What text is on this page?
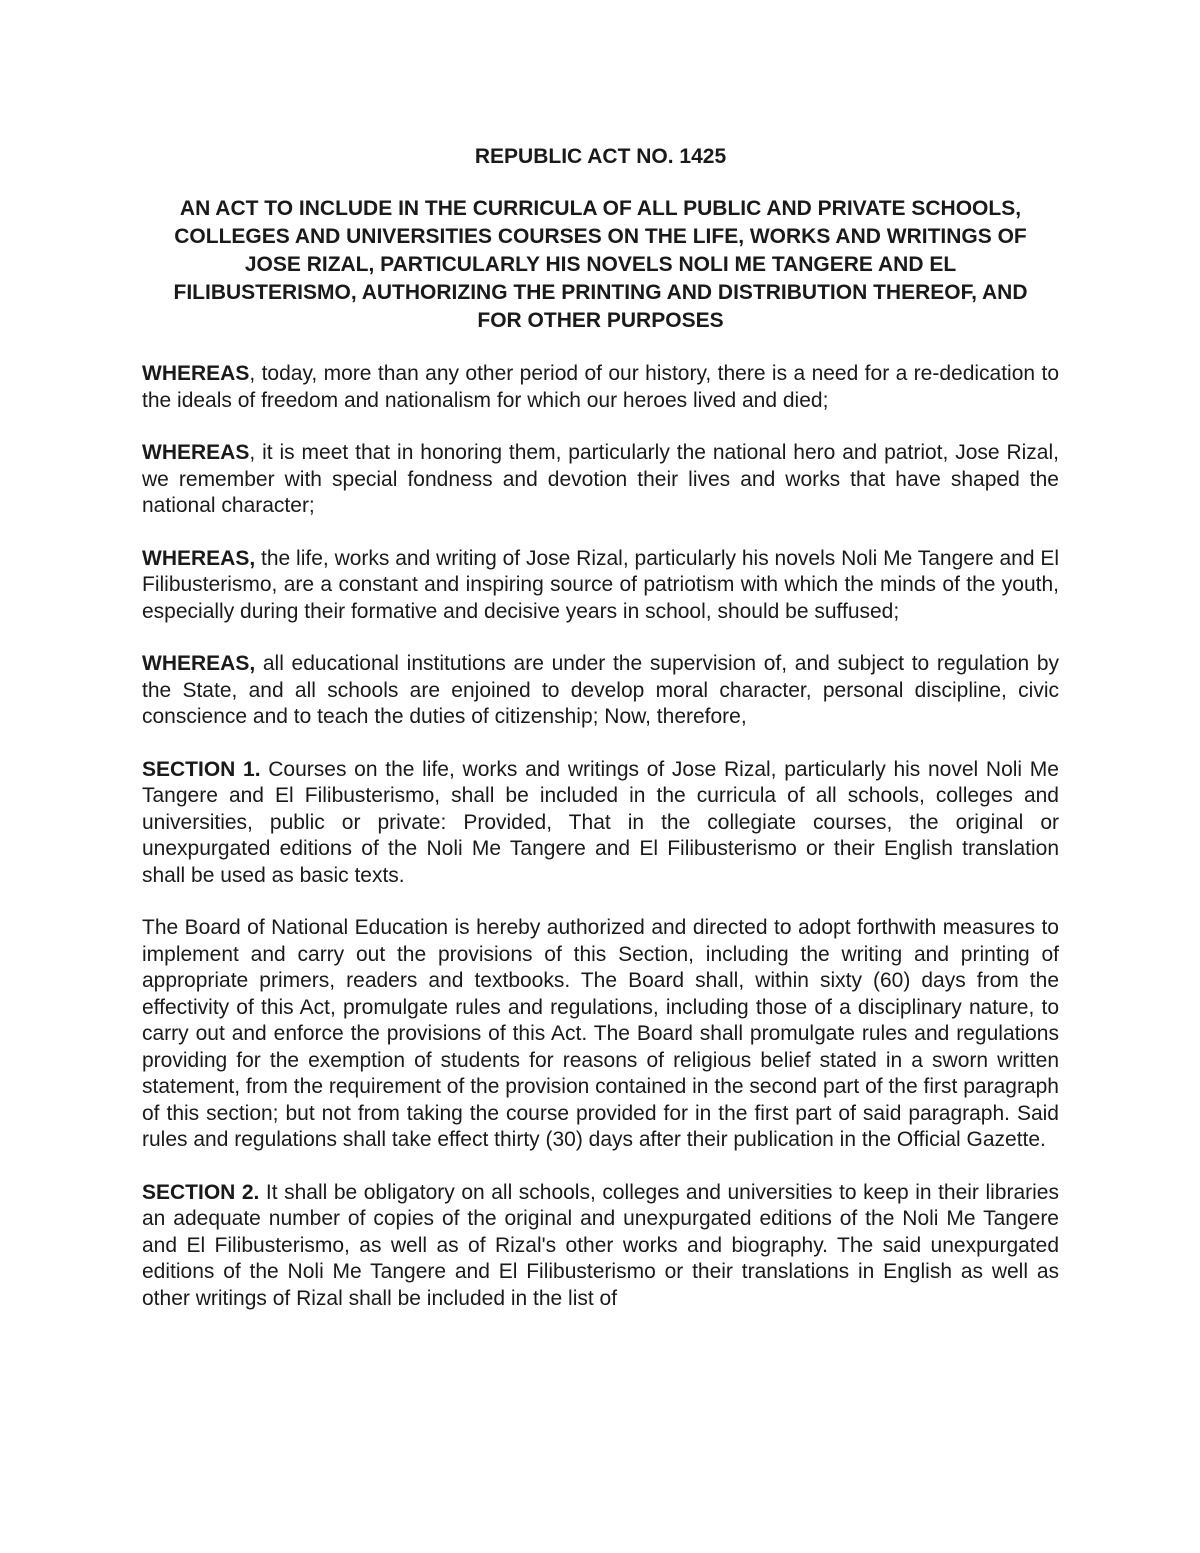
REPUBLIC ACT NO. 1425
AN ACT TO INCLUDE IN THE CURRICULA OF ALL PUBLIC AND PRIVATE SCHOOLS, COLLEGES AND UNIVERSITIES COURSES ON THE LIFE, WORKS AND WRITINGS OF JOSE RIZAL, PARTICULARLY HIS NOVELS NOLI ME TANGERE AND EL FILIBUSTERISMO, AUTHORIZING THE PRINTING AND DISTRIBUTION THEREOF, AND FOR OTHER PURPOSES

WHEREAS, today, more than any other period of our history, there is a need for a re-dedication to the ideals of freedom and nationalism for which our heroes lived and died;

WHEREAS, it is meet that in honoring them, particularly the national hero and patriot, Jose Rizal, we remember with special fondness and devotion their lives and works that have shaped the national character;

WHEREAS, the life, works and writing of Jose Rizal, particularly his novels Noli Me Tangere and El Filibusterismo, are a constant and inspiring source of patriotism with which the minds of the youth, especially during their formative and decisive years in school, should be suffused;

WHEREAS, all educational institutions are under the supervision of, and subject to regulation by the State, and all schools are enjoined to develop moral character, personal discipline, civic conscience and to teach the duties of citizenship; Now, therefore,

SECTION 1. Courses on the life, works and writings of Jose Rizal, particularly his novel Noli Me Tangere and El Filibusterismo, shall be included in the curricula of all schools, colleges and universities, public or private: Provided, That in the collegiate courses, the original or unexpurgated editions of the Noli Me Tangere and El Filibusterismo or their English translation shall be used as basic texts.

The Board of National Education is hereby authorized and directed to adopt forthwith measures to implement and carry out the provisions of this Section, including the writing and printing of appropriate primers, readers and textbooks. The Board shall, within sixty (60) days from the effectivity of this Act, promulgate rules and regulations, including those of a disciplinary nature, to carry out and enforce the provisions of this Act. The Board shall promulgate rules and regulations providing for the exemption of students for reasons of religious belief stated in a sworn written statement, from the requirement of the provision contained in the second part of the first paragraph of this section; but not from taking the course provided for in the first part of said paragraph. Said rules and regulations shall take effect thirty (30) days after their publication in the Official Gazette.

SECTION 2. It shall be obligatory on all schools, colleges and universities to keep in their libraries an adequate number of copies of the original and unexpurgated editions of the Noli Me Tangere and El Filibusterismo, as well as of Rizal's other works and biography. The said unexpurgated editions of the Noli Me Tangere and El Filibusterismo or their translations in English as well as other writings of Rizal shall be included in the list of
